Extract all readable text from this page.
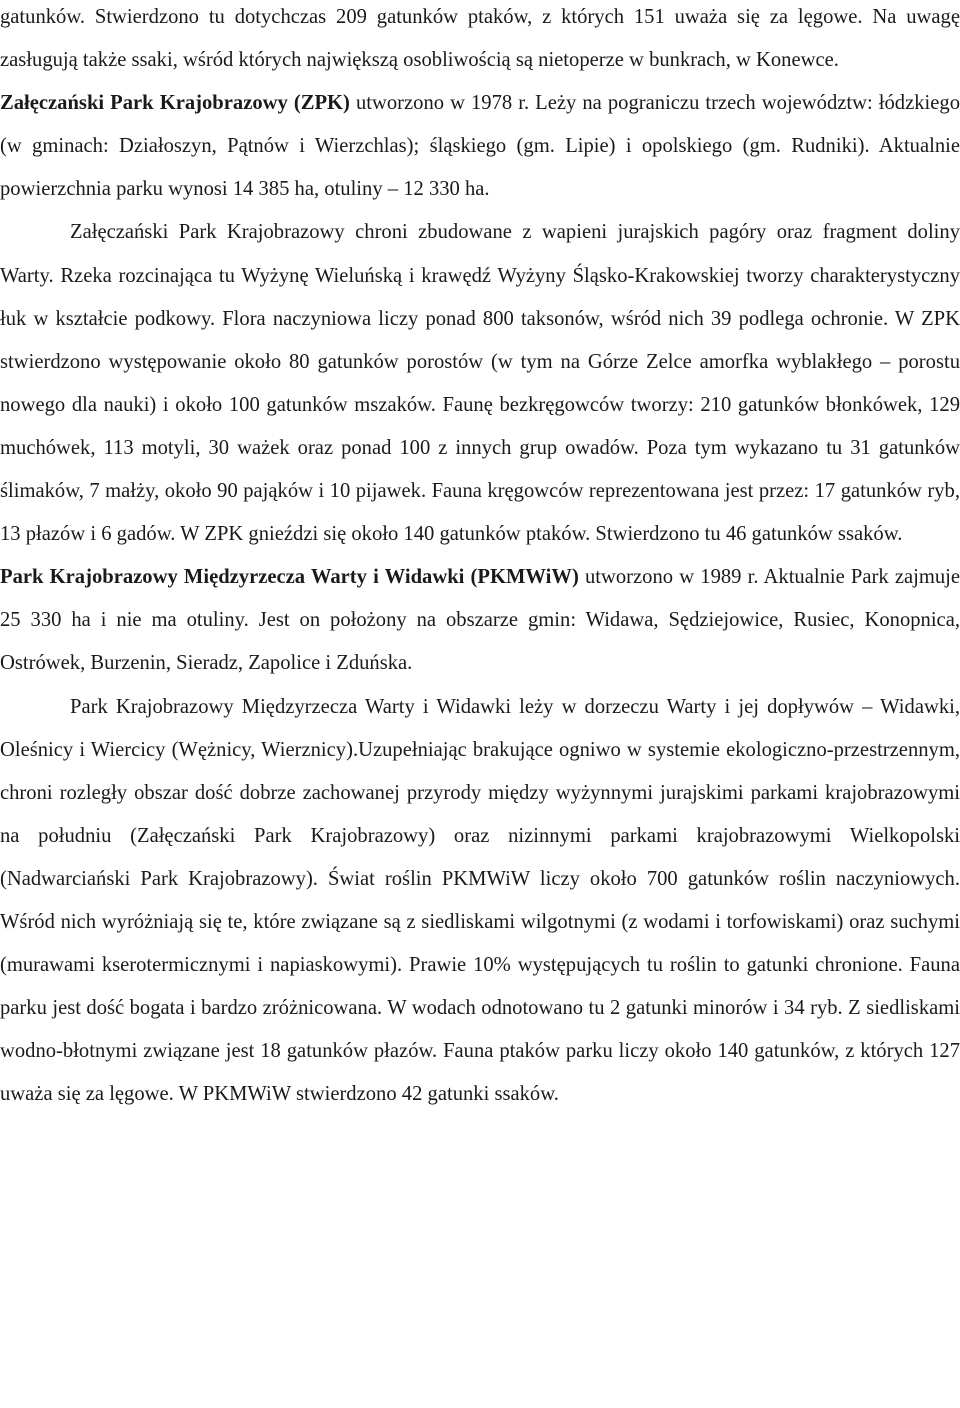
gatunków. Stwierdzono tu dotychczas 209 gatunków ptaków, z których 151 uważa się za lęgowe. Na uwagę zasługują także ssaki, wśród których największą osobliwością są nietoperze w bunkrach, w Konewce.

Załęczański Park Krajobrazowy (ZPK) utworzono w 1978 r. Leży na pograniczu trzech województw: łódzkiego (w gminach: Działoszyn, Pątnów i Wierzchlas); śląskiego (gm. Lipie) i opolskiego (gm. Rudniki). Aktualnie powierzchnia parku wynosi 14 385 ha, otuliny – 12 330 ha.

Załęczański Park Krajobrazowy chroni zbudowane z wapieni jurajskich pagóry oraz fragment doliny Warty. Rzeka rozcinająca tu Wyżynę Wieluńską i krawędź Wyżyny Śląsko-Krakowskiej tworzy charakterystyczny łuk w kształcie podkowy. Flora naczyniowa liczy ponad 800 taksonów, wśród nich 39 podlega ochronie. W ZPK stwierdzono występowanie około 80 gatunków porostów (w tym na Górze Zelce amorfka wyblakłego – porostu nowego dla nauki) i około 100 gatunków mszaków. Faunę bezkręgowców tworzy: 210 gatunków błonkówek, 129 muchówek, 113 motyli, 30 ważek oraz ponad 100 z innych grup owadów. Poza tym wykazano tu 31 gatunków ślimaków, 7 małży, około 90 pająków i 10 pijawek. Fauna kręgowców reprezentowana jest przez: 17 gatunków ryb, 13 płazów i 6 gadów. W ZPK gnieździ się około 140 gatunków ptaków. Stwierdzono tu 46 gatunków ssaków.

Park Krajobrazowy Międzyrzecza Warty i Widawki (PKMWiW) utworzono w 1989 r. Aktualnie Park zajmuje 25 330 ha i nie ma otuliny. Jest on położony na obszarze gmin: Widawa, Sędziejowice, Rusiec, Konopnica, Ostrówek, Burzenin, Sieradz, Zapolice i Zduńska.

Park Krajobrazowy Międzyrzecza Warty i Widawki leży w dorzeczu Warty i jej dopływów – Widawki, Oleśnicy i Wiercicy (Wężnicy, Wierznicy).Uzupełniając brakujące ogniwo w systemie ekologiczno-przestrzennym, chroni rozległy obszar dość dobrze zachowanej przyrody między wyżynnymi jurajskimi parkami krajobrazowymi na południu (Załęczański Park Krajobrazowy) oraz nizinnymi parkami krajobrazowymi Wielkopolski (Nadwarciański Park Krajobrazowy). Świat roślin PKMWiW liczy około 700 gatunków roślin naczyniowych. Wśród nich wyróżniają się te, które związane są z siedliskami wilgotnymi (z wodami i torfowiskami) oraz suchymi (murawami kserotermicznymi i napiaskowymi). Prawie 10% występujących tu roślin to gatunki chronione. Fauna parku jest dość bogata i bardzo zróżnicowana. W wodach odnotowano tu 2 gatunki minorów i 34 ryb. Z siedliskami wodno-błotnymi związane jest 18 gatunków płazów. Fauna ptaków parku liczy około 140 gatunków, z których 127 uważa się za lęgowe. W PKMWiW stwierdzono 42 gatunki ssaków.
